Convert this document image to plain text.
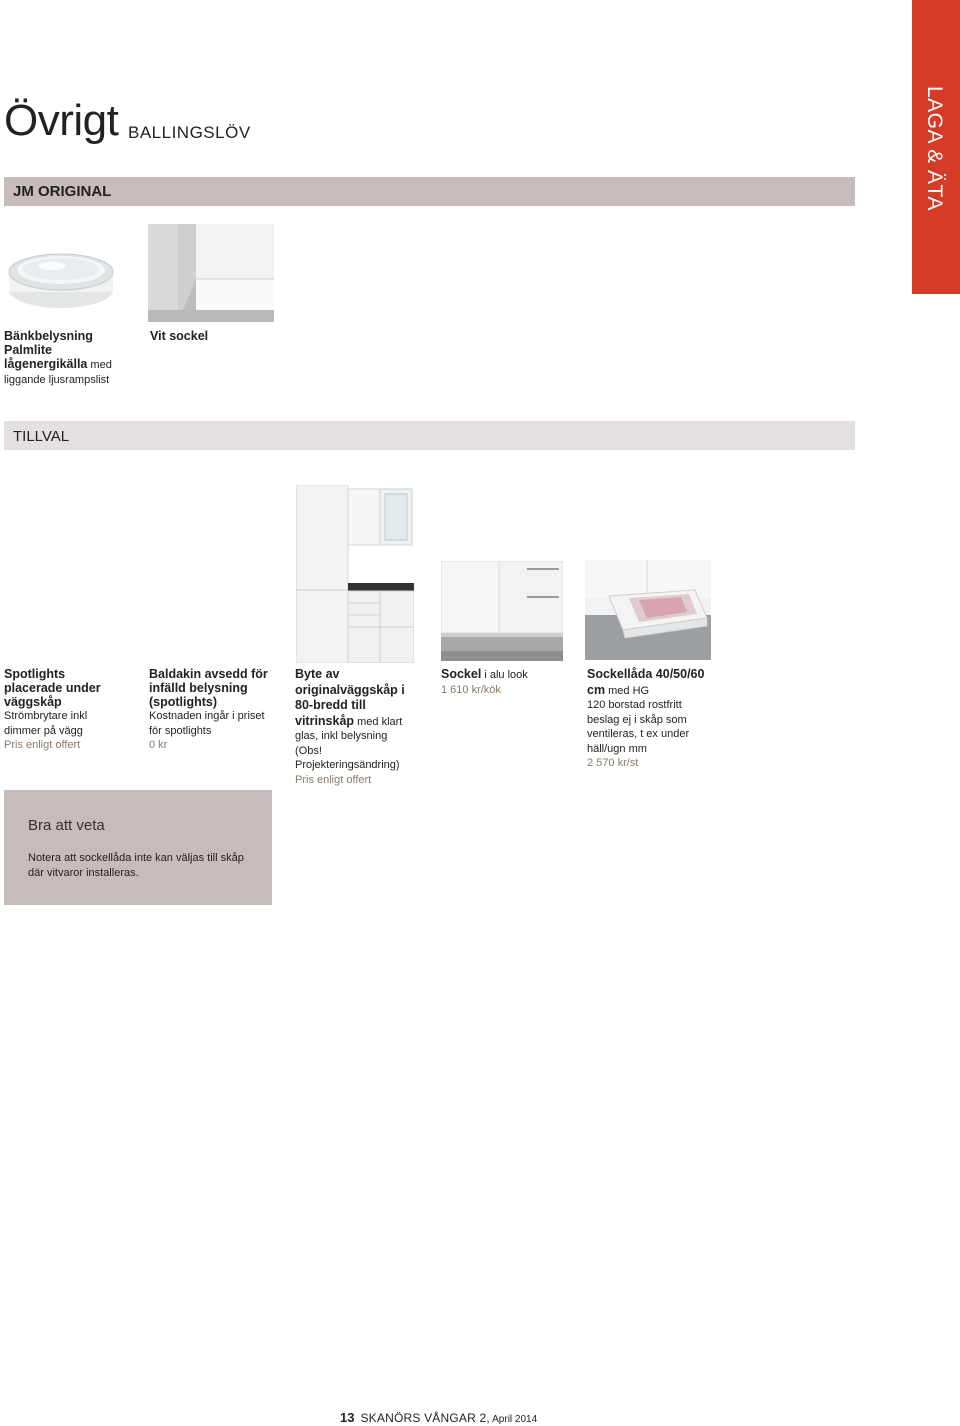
LAGA & ÄTA
Övrigt BALLINGSLÖV
JM ORIGINAL
Bänkbelysning
Palmlite
lågenergikälla med
liggande ljusrampslist
Vit sockel
TILLVAL
Spotlights placerade under väggskåp
Strömbrytare inkl dimmer på vägg
Pris enligt offert
Baldakin avsedd för infälld belysning (spotlights)
Kostnaden ingår i priset för spotlights
0 kr
Byte av originalväggskåp i 80-bredd till vitrinskåp med klart
glas, inkl belysning (Obs! Projekteringsändring)
Pris enligt offert
Sockel i alu look
1 610 kr/kök
Sockellåda 40/50/60 cm med HG
120 borstad rostfritt beslag ej i skåp som ventileras, t ex under häll/ugn mm
2 570 kr/st
Bra att veta
Notera att sockellåda inte kan väljas till skåp där vitvaror installeras.
13 SKANÖRS VÅNGAR 2, April 2014
